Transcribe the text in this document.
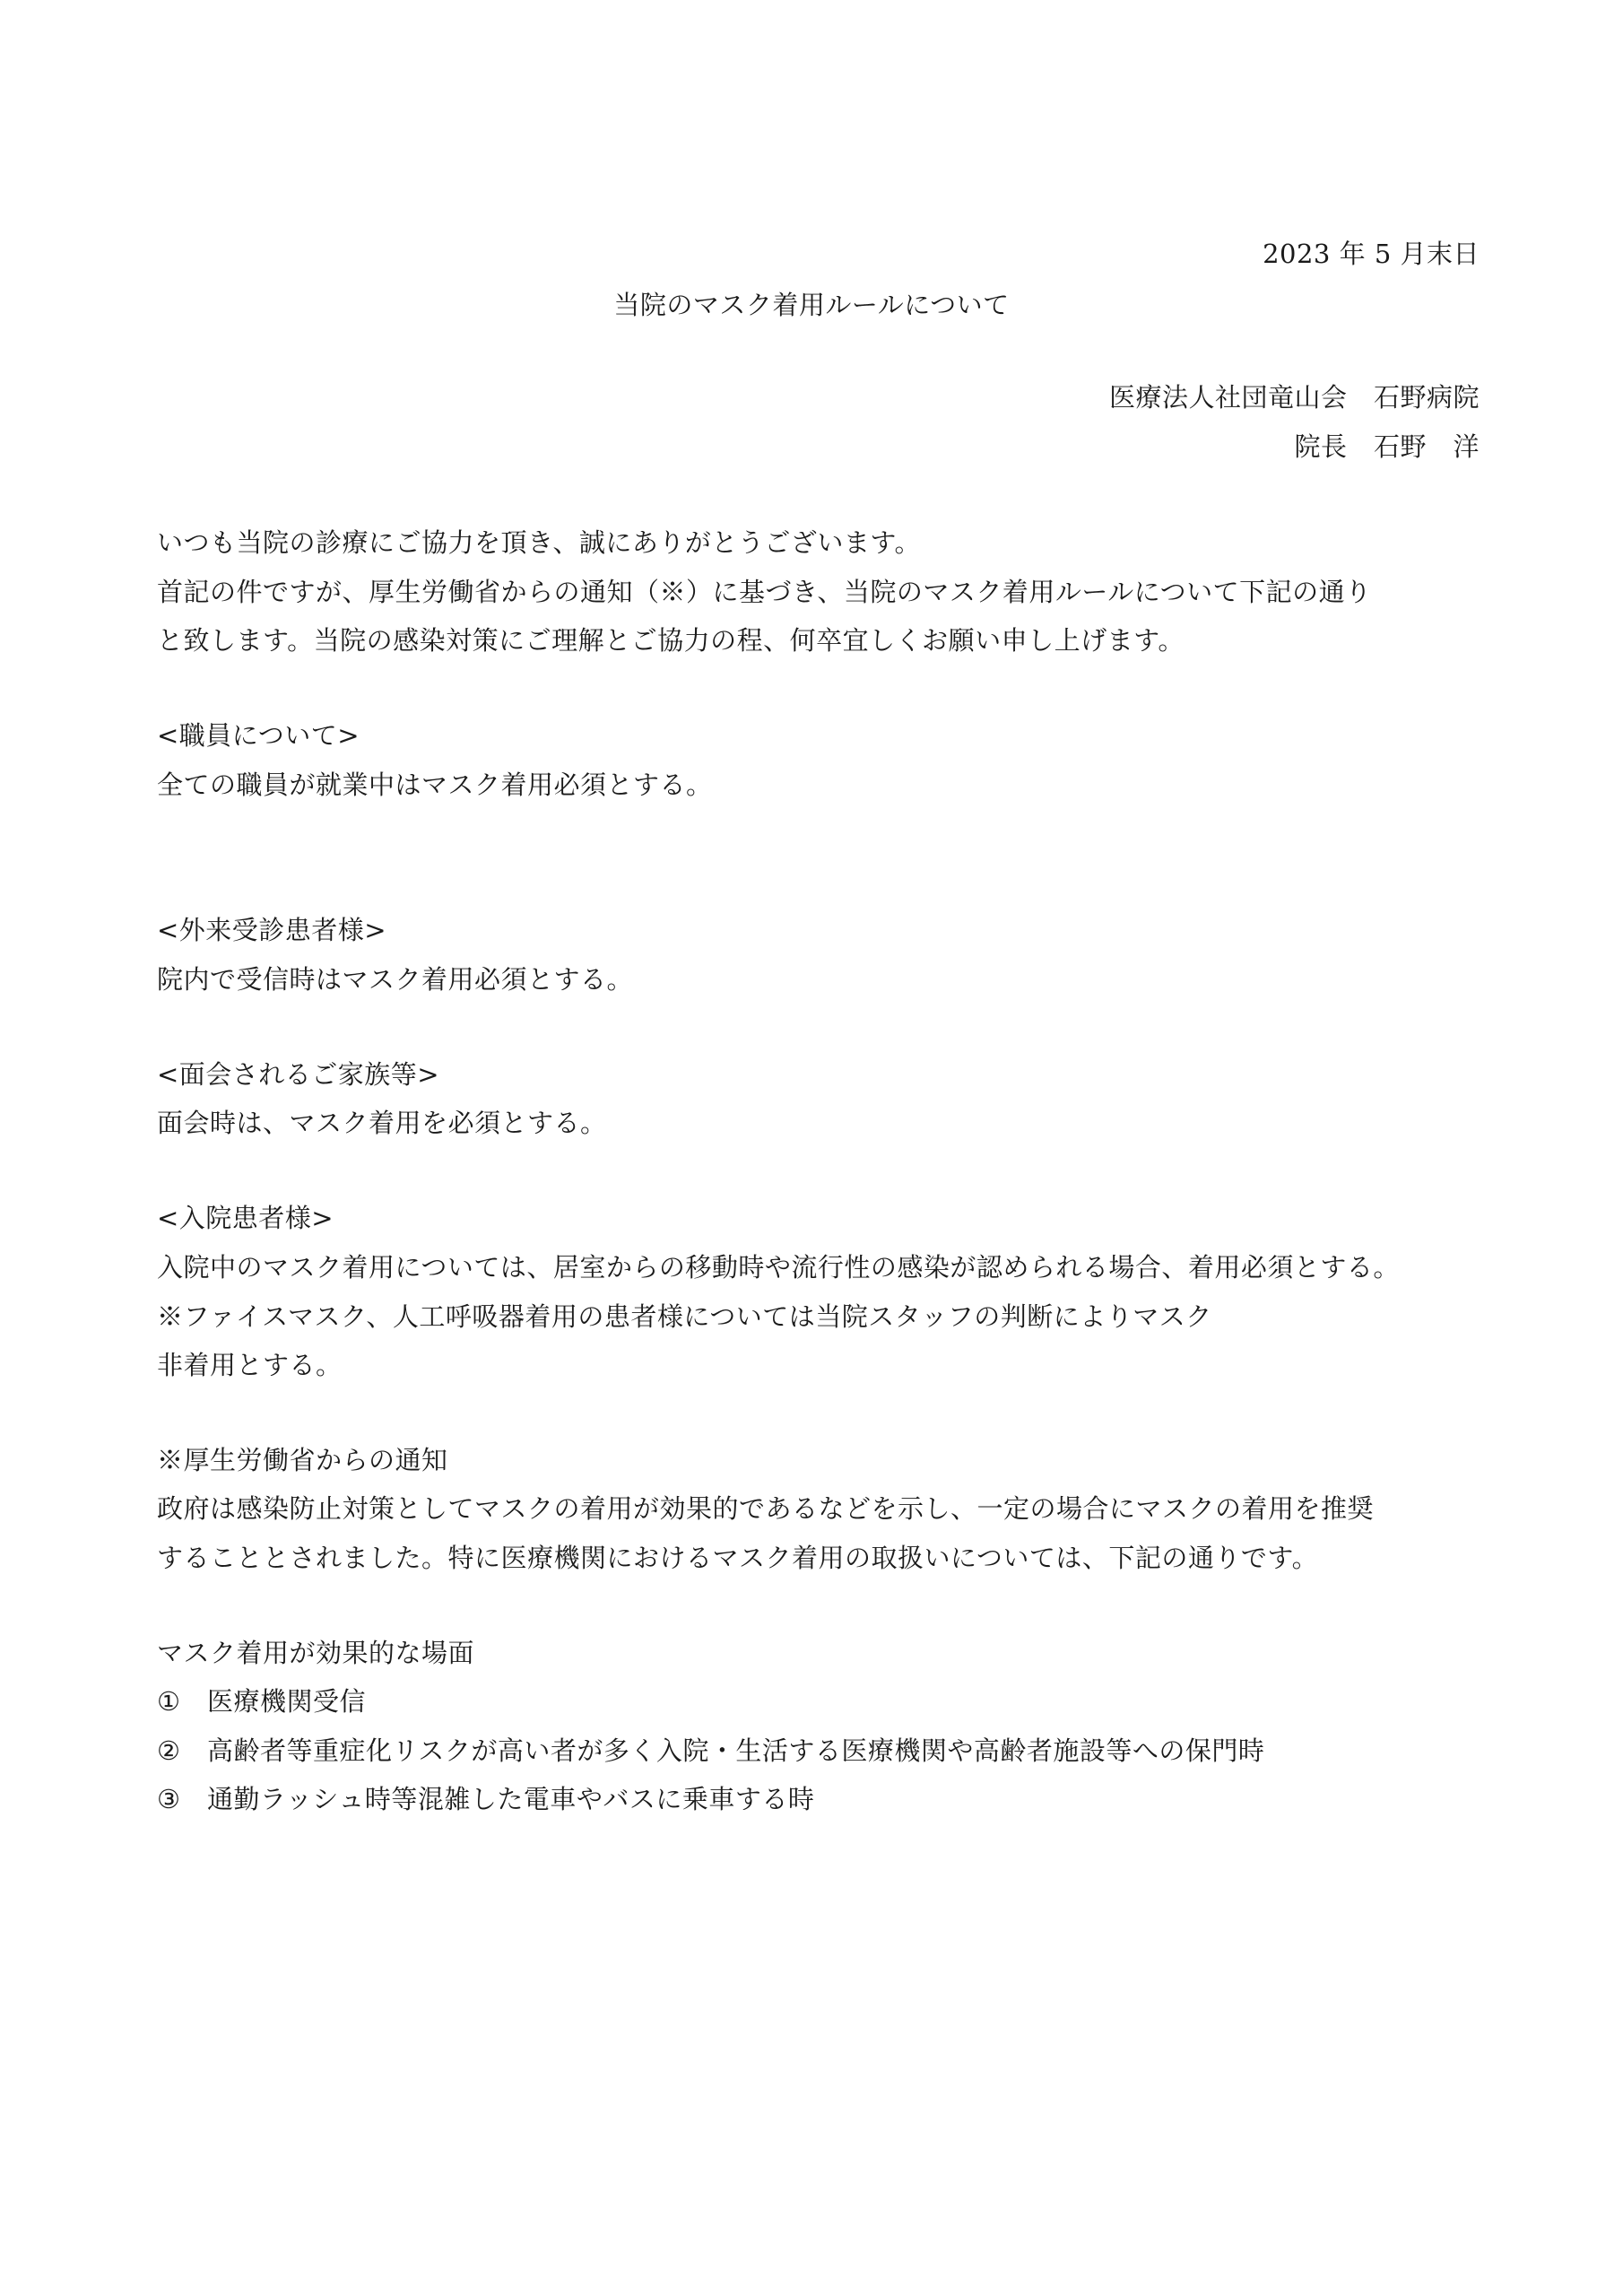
2023 年 5 月末日
当院のマスク着用ルールについて
医療法人社団竜山会　石野病院
院長　石野　洋
いつも当院の診療にご協力を頂き、誠にありがとうございます。
首記の件ですが、厚生労働省からの通知（※）に基づき、当院のマスク着用ルールについて下記の通り
と致します。当院の感染対策にご理解とご協力の程、何卒宜しくお願い申し上げます。
<職員について>
全ての職員が就業中はマスク着用必須とする。
<外来受診患者様>
院内で受信時はマスク着用必須とする。
<面会されるご家族等>
面会時は、マスク着用を必須とする。
<入院患者様>
入院中のマスク着用については、居室からの移動時や流行性の感染が認められる場合、着用必須とする。
※ファイスマスク、人工呼吸器着用の患者様については当院スタッフの判断によりマスク
非着用とする。
※厚生労働省からの通知
政府は感染防止対策としてマスクの着用が効果的であるなどを示し、一定の場合にマスクの着用を推奨
することとされました。特に医療機関におけるマスク着用の取扱いについては、下記の通りです。
マスク着用が効果的な場面
① 医療機関受信
② 高齢者等重症化リスクが高い者が多く入院・生活する医療機関や高齢者施設等への保門時
③ 通勤ラッシュ時等混雑した電車やバスに乗車する時
